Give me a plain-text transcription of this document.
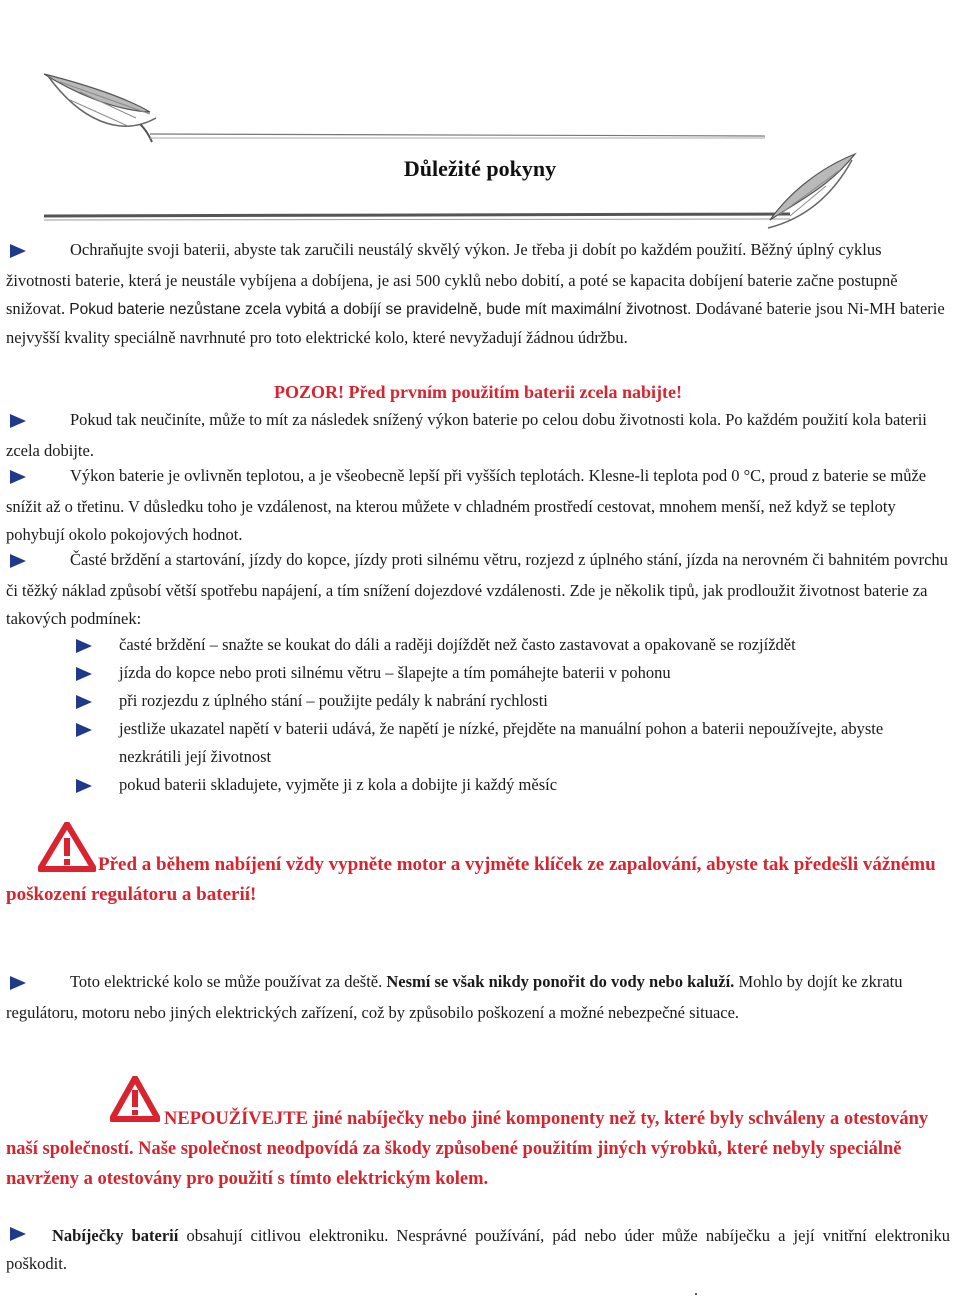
Důležité pokyny

Ochraňujte svoji baterii, abyste tak zaručili neustálý skvělý výkon. Je třeba ji dobít po každém použití. Běžný úplný cyklus životnosti baterie, která je neustále vybíjena a dobíjena, je asi 500 cyklů nebo dobití, a poté se kapacita dobíjení baterie začne postupně snižovat. Pokud baterie nezůstane zcela vybitá a dobíjí se pravidelně, bude mít maximální životnost. Dodávané baterie jsou Ni-MH baterie nejvyšší kvality speciálně navrhnuté pro toto elektrické kolo, které nevyžadují žádnou údržbu.

POZOR! Před prvním použitím baterii zcela nabijte!

Pokud tak neučiníte, může to mít za následek snížený výkon baterie po celou dobu životnosti kola. Po každém použití kola baterii zcela dobijte.

Výkon baterie je ovlivněn teplotou, a je všeobecně lepší při vyšších teplotách. Klesne-li teplota pod 0 °C, proud z baterie se může snížit až o třetinu. V důsledku toho je vzdálenost, na kterou můžete v chladném prostředí cestovat, mnohem menší, než když se teploty pohybují okolo pokojových hodnot.

Časté brždění a startování, jízdy do kopce, jízdy proti silnému větru, rozjezd z úplného stání, jízda na nerovném či bahnitém povrchu či těžký náklad způsobí větší spotřebu napájení, a tím snížení dojezdové vzdálenosti. Zde je několik tipů, jak prodloužit životnost baterie za takových podmínek:

časté brždění – snažte se koukat do dáli a raději dojíždět než často zastavovat a opakovaně se rozjíždět
jízda do kopce nebo proti silnému větru – šlapejte a tím pomáhejte baterii v pohonu
při rozjezdu z úplného stání – použijte pedály k nabrání rychlosti
jestliže ukazatel napětí v baterii udává, že napětí je nízké, přejděte na manuální pohon a baterii nepoužívejte, abyste nezkrátili její životnost
pokud baterii skladujete, vyjměte ji z kola a dobijte ji každý měsíc

Před a během nabíjení vždy vypněte motor a vyjměte klíček ze zapalování, abyste tak předešli vážnému poškození regulátoru a baterií!

Toto elektrické kolo se může používat za deště. Nesmí se však nikdy ponořit do vody nebo kaluží. Mohlo by dojít ke zkratu regulátoru, motoru nebo jiných elektrických zařízení, což by způsobilo poškození a možné nebezpečné situace.

NEPOUŽÍVEJTE jiné nabíječky nebo jiné komponenty než ty, které byly schváleny a otestovány naší společností. Naše společnost neodpovídá za škody způsobené použitím jiných výrobků, které nebyly speciálně navrženy a otestovány pro použití s tímto elektrickým kolem.

Nabíječky baterií obsahují citlivou elektroniku. Nesprávné používání, pád nebo úder může nabíječku a její vnitřní elektroniku poškodit.

.
